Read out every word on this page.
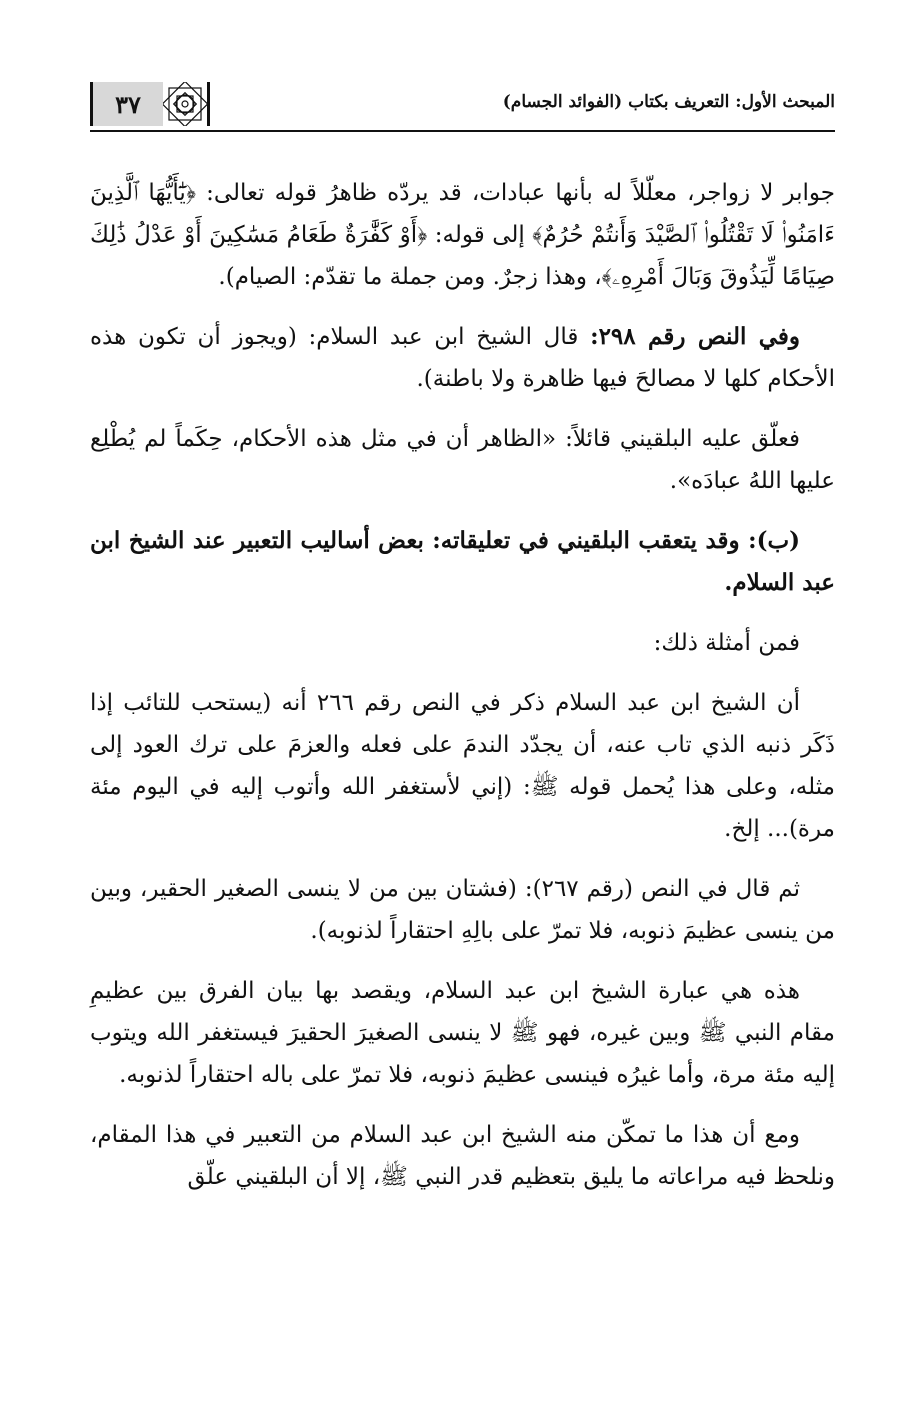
٣٧	المبحث الأول: التعريف بكتاب (الفوائد الجسام)

جوابر لا زواجر، معلّلاً له بأنها عبادات، قد يردّه ظاهرُ قوله تعالى: ﴿يَٰٓأَيُّهَا ٱلَّذِينَ ءَامَنُوا۟ لَا تَقْتُلُوا۟ ٱلصَّيْدَ وَأَنتُمْ حُرُمٌ﴾ إلى قوله: ﴿أَوْ كَفَّٰرَةٌ طَعَامُ مَسَٰكِينَ أَوْ عَدْلُ ذَٰلِكَ صِيَامًا لِّيَذُوقَ وَبَالَ أَمْرِهِۦ﴾، وهذا زجرٌ. ومن جملة ما تقدّم: الصيام).

وفي النص رقم ٢٩٨: قال الشيخ ابن عبد السلام: (ويجوز أن تكون هذه الأحكام كلها لا مصالحَ فيها ظاهرة ولا باطنة).

فعلّق عليه البلقيني قائلاً: «الظاهر أن في مثل هذه الأحكام، حِكَماً لم يُطْلِع عليها اللهُ عبادَه».

(ب): وقد يتعقب البلقيني في تعليقاته: بعض أساليب التعبير عند الشيخ ابن عبد السلام.

فمن أمثلة ذلك:

أن الشيخ ابن عبد السلام ذكر في النص رقم ٢٦٦ أنه (يستحب للتائب إذا ذَكَر ذنبه الذي تاب عنه، أن يجدّد الندمَ على فعله والعزمَ على ترك العود إلى مثله، وعلى هذا يُحمل قوله ﷺ: (إني لأستغفر الله وأتوب إليه في اليوم مئة مرة)... إلخ.

ثم قال في النص (رقم ٢٦٧): (فشتان بين من لا ينسى الصغير الحقير، وبين من ينسى عظيمَ ذنوبه، فلا تمرّ على بالِهِ احتقاراً لذنوبه).

هذه هي عبارة الشيخ ابن عبد السلام، ويقصد بها بيان الفرق بين عظيمِ مقام النبي ﷺ وبين غيره، فهو ﷺ لا ينسى الصغيرَ الحقيرَ فيستغفر الله ويتوب إليه مئة مرة، وأما غيرُه فينسى عظيمَ ذنوبه، فلا تمرّ على باله احتقاراً لذنوبه.

ومع أن هذا ما تمكّن منه الشيخ ابن عبد السلام من التعبير في هذا المقام، ونلحظ فيه مراعاته ما يليق بتعظيم قدر النبي ﷺ، إلا أن البلقيني علّق
